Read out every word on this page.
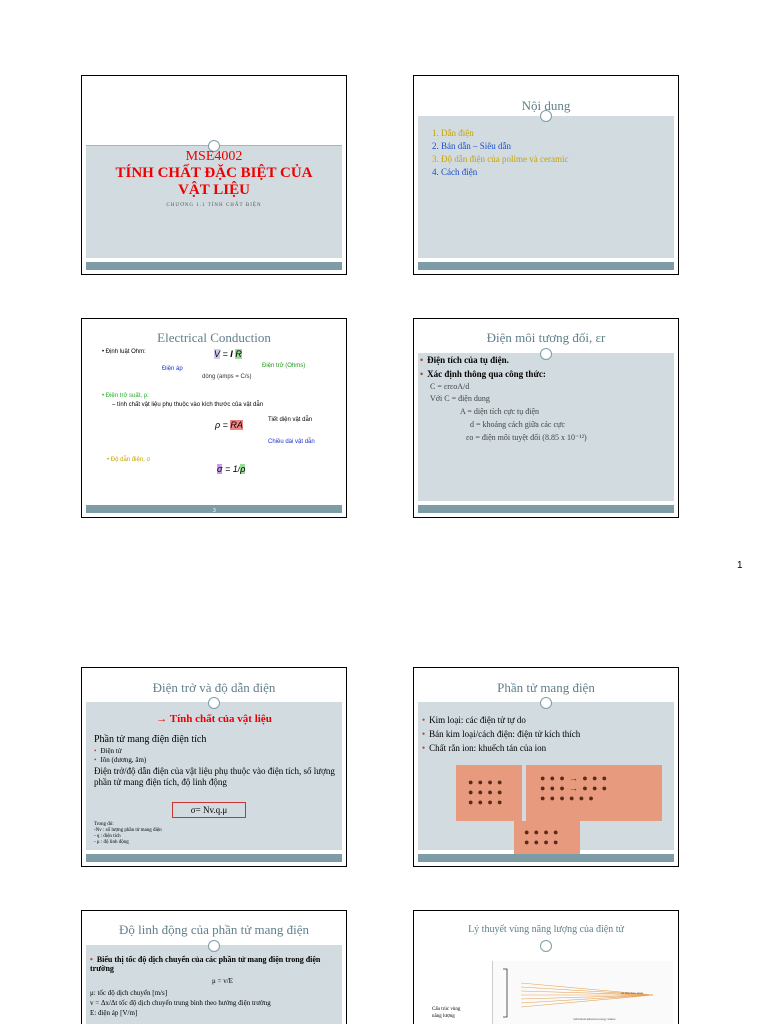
MSE4002
TÍNH CHẤT ĐẶC BIỆT CỦA
VẬT LIỆU
CHƯƠNG 1.1 TÍNH CHẤT ĐIỆN
Nội dung
1. Dẫn điện
2. Bán dẫn – Siêu dẫn
3. Độ dẫn điện của polime và ceramic
4. Cách điện
Electrical Conduction
• Định luật Ohm:	V = I R
Điện áp	Điện trở (Ohms)
dòng (amps = C/s)
• Điện trở suất, ρ:
– tính chất vật liệu phụ thuộc vào kích thước của vật dẫn
Tiết diện vật dẫn
ρ = RA
Chiều dài vật dẫn
• Độ dẫn điện, σ
σ = 1/ρ
3
Điện môi tương đối, εr
• Điện tích của tụ điện.
• Xác định thông qua công thức:
C = εrεoA/d
Với C = điện dung
A = diện tích cực tụ điện
d = khoảng cách giữa các cực
εo = điện môi tuyệt đối (8.85 x 10⁻¹²)
1
Điện trở và độ dẫn điện
→ Tính chất của vật liệu
Phần tử mang điện điện tích
• Điện tử
• Iôn (dương, âm)
Điện trở/độ dẫn điện của vật liệu phụ thuộc vào điện tích, số lượng phần tử mang điện tích, độ linh động
σ= Nv.q.μ
Trong đó:
-Nv : số lượng phần tử mang điện
- q : điện tích
- μ : độ linh động
Phần tử mang điện
• Kim loại: các điện tử tự do
• Bán kim loại/cách điện: điện tử kích thích
• Chất rắn ion: khuếch tán của ion
● ● ● ●
● ● ● ●
● ● ● ●
● ● ● → ● ● ●
● ● ● → ● ● ●
● ● ● ● ● ●
● ● ● ●
● ● ● ●
Độ linh động của phần tử mang điện
• Biểu thị tốc độ dịch chuyển của các phần tử mang điện trong điện trường
μ = v/E
μ: tốc độ dịch chuyển [m/s]
v = Δx/Δt tốc độ dịch chuyển trung bình theo hướng điện trường
E: điện áp [V/m]
Lý thuyết vùng năng lượng của điện tử
2s Electron state
Individual allowed energy states
Cấu trúc vùng
năng lượng
